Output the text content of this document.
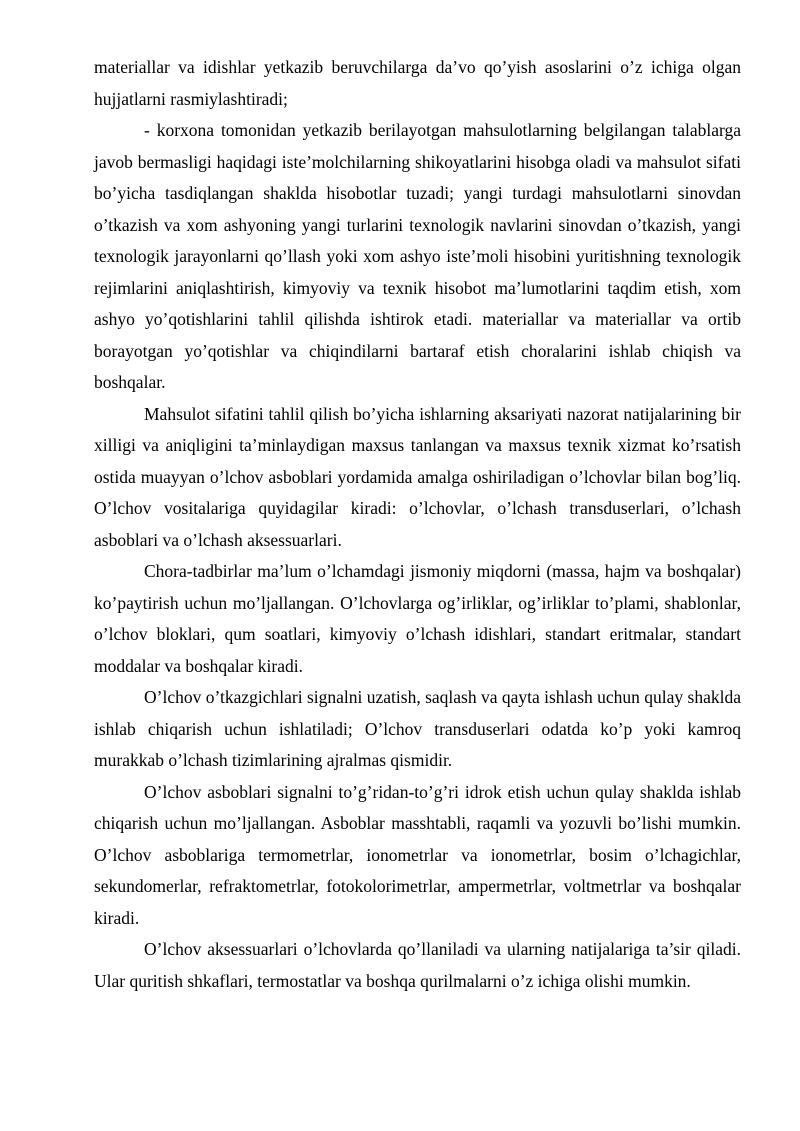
materiallar va idishlar yetkazib beruvchilarga da’vo qo’yish asoslarini o’z ichiga olgan hujjatlarni rasmiylashtiradi;

- korxona tomonidan yetkazib berilayotgan mahsulotlarning belgilangan talablarga javob bermasligi haqidagi iste’molchilarning shikoyatlarini hisobga oladi va mahsulot sifati bo’yicha tasdiqlangan shaklda hisobotlar tuzadi; yangi turdagi mahsulotlarni sinovdan o’tkazish va xom ashyoning yangi turlarini texnologik navlarini sinovdan o’tkazish, yangi texnologik jarayonlarni qo’llash yoki xom ashyo iste’moli hisobini yuritishning texnologik rejimlarini aniqlashtirish, kimyoviy va texnik hisobot ma’lumotlarini taqdim etish, xom ashyo yo’qotishlarini tahlil qilishda ishtirok etadi. materiallar va materiallar va ortib borayotgan yo’qotishlar va chiqindilarni bartaraf etish choralarini ishlab chiqish va boshqalar.

Mahsulot sifatini tahlil qilish bo’yicha ishlarning aksariyati nazorat natijalarining bir xilligi va aniqligini ta’minlaydigan maxsus tanlangan va maxsus texnik xizmat ko’rsatish ostida muayyan o’lchov asboblari yordamida amalga oshiriladigan o’lchovlar bilan bog’liq. O’lchov vositalariga quyidagilar kiradi: o’lchovlar, o’lchash transduserlari, o’lchash asboblari va o’lchash aksessuarlari.

Chora-tadbirlar ma’lum o’lchamdagi jismoniy miqdorni (massa, hajm va boshqalar) ko’paytirish uchun mo’ljallangan. O’lchovlarga og’irliklar, og’irliklar to’plami, shablonlar, o’lchov bloklari, qum soatlari, kimyoviy o’lchash idishlari, standart eritmalar, standart moddalar va boshqalar kiradi.

O’lchov o’tkazgichlari signalni uzatish, saqlash va qayta ishlash uchun qulay shaklda ishlab chiqarish uchun ishlatiladi; O’lchov transduserlari odatda ko’p yoki kamroq murakkab o’lchash tizimlarining ajralmas qismidir.

O’lchov asboblari signalni to’g’ridan-to’g’ri idrok etish uchun qulay shaklda ishlab chiqarish uchun mo’ljallangan. Asboblar masshtabli, raqamli va yozuvli bo’lishi mumkin. O’lchov asboblariga termometrlar, ionometrlar va ionometrlar, bosim o’lchagichlar, sekundomerlar, refraktometrlar, fotokolorimetrlar, ampermetrlar, voltmetrlar va boshqalar kiradi.

O’lchov aksessuarlari o’lchovlarda qo’llaniladi va ularning natijalariga ta’sir qiladi. Ular quritish shkaflari, termostatlar va boshqa qurilmalarni o’z ichiga olishi mumkin.
